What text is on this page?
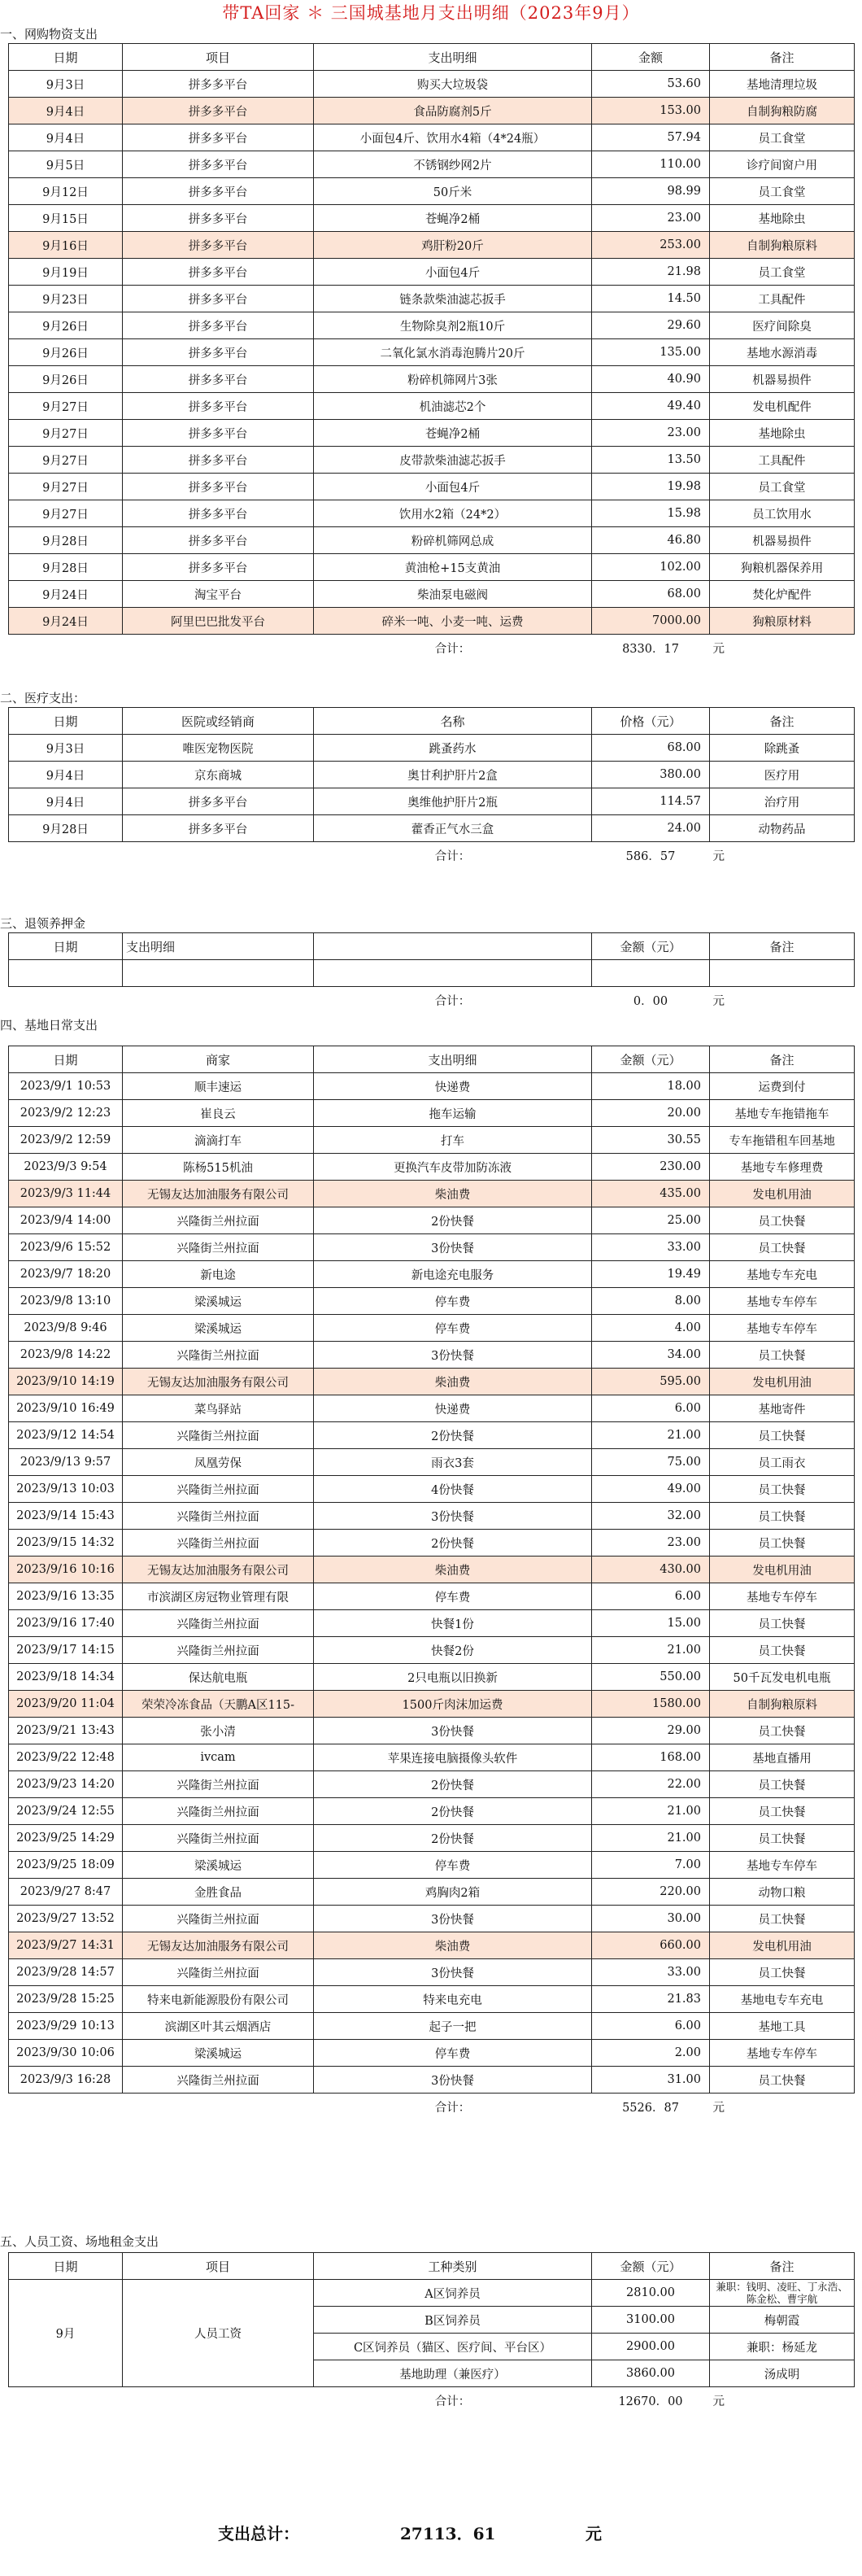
带TA回家 ＊ 三国城基地月支出明细（2023年9月）
一、网购物资支出
日期	项目	支出明细	金额	备注
9月3日	拼多多平台	购买大垃圾袋	53.60	基地清理垃圾
9月4日	拼多多平台	食品防腐剂5斤	153.00	自制狗粮防腐
9月4日	拼多多平台	小面包4斤、饮用水4箱（4*24瓶）	57.94	员工食堂
9月5日	拼多多平台	不锈钢纱网2片	110.00	诊疗间窗户用
9月12日	拼多多平台	50斤米	98.99	员工食堂
9月15日	拼多多平台	苍蝇净2桶	23.00	基地除虫
9月16日	拼多多平台	鸡肝粉20斤	253.00	自制狗粮原料
9月19日	拼多多平台	小面包4斤	21.98	员工食堂
9月23日	拼多多平台	链条款柴油滤芯扳手	14.50	工具配件
9月26日	拼多多平台	生物除臭剂2瓶10斤	29.60	医疗间除臭
9月26日	拼多多平台	二氧化氯水消毒泡腾片20斤	135.00	基地水源消毒
9月26日	拼多多平台	粉碎机筛网片3张	40.90	机器易损件
9月27日	拼多多平台	机油滤芯2个	49.40	发电机配件
9月27日	拼多多平台	苍蝇净2桶	23.00	基地除虫
9月27日	拼多多平台	皮带款柴油滤芯扳手	13.50	工具配件
9月27日	拼多多平台	小面包4斤	19.98	员工食堂
9月27日	拼多多平台	饮用水2箱（24*2）	15.98	员工饮用水
9月28日	拼多多平台	粉碎机筛网总成	46.80	机器易损件
9月28日	拼多多平台	黄油枪+15支黄油	102.00	狗粮机器保养用
9月24日	淘宝平台	柴油泵电磁阀	68.00	焚化炉配件
9月24日	阿里巴巴批发平台	碎米一吨、小麦一吨、运费	7000.00	狗粮原材料
		合计：	8330．17	元
二、医疗支出：
日期	医院或经销商	名称	价格（元）	备注
9月3日	唯医宠物医院	跳蚤药水	68.00	除跳蚤
9月4日	京东商城	奥甘利护肝片2盒	380.00	医疗用
9月4日	拼多多平台	奥维他护肝片2瓶	114.57	治疗用
9月28日	拼多多平台	藿香正气水三盒	24.00	动物药品
		合计：	586．57	元
三、退领养押金
日期	支出明细		金额（元）	备注

		合计：	0．00	元
四、基地日常支出
日期	商家	支出明细	金额（元）	备注
2023/9/1 10:53	顺丰速运	快递费	18.00	运费到付
2023/9/2 12:23	崔良云	拖车运输	20.00	基地专车拖错拖车
2023/9/2 12:59	滴滴打车	打车	30.55	专车拖错租车回基地
2023/9/3 9:54	陈杨515机油	更换汽车皮带加防冻液	230.00	基地专车修理费
2023/9/3 11:44	无锡友达加油服务有限公司	柴油费	435.00	发电机用油
2023/9/4 14:00	兴隆街兰州拉面	2份快餐	25.00	员工快餐
2023/9/6 15:52	兴隆街兰州拉面	3份快餐	33.00	员工快餐
2023/9/7 18:20	新电途	新电途充电服务	19.49	基地专车充电
2023/9/8 13:10	梁溪城运	停车费	8.00	基地专车停车
2023/9/8 9:46	梁溪城运	停车费	4.00	基地专车停车
2023/9/8 14:22	兴隆街兰州拉面	3份快餐	34.00	员工快餐
2023/9/10 14:19	无锡友达加油服务有限公司	柴油费	595.00	发电机用油
2023/9/10 16:49	菜鸟驿站	快递费	6.00	基地寄件
2023/9/12 14:54	兴隆街兰州拉面	2份快餐	21.00	员工快餐
2023/9/13 9:57	凤凰劳保	雨衣3套	75.00	员工雨衣
2023/9/13 10:03	兴隆街兰州拉面	4份快餐	49.00	员工快餐
2023/9/14 15:43	兴隆街兰州拉面	3份快餐	32.00	员工快餐
2023/9/15 14:32	兴隆街兰州拉面	2份快餐	23.00	员工快餐
2023/9/16 10:16	无锡友达加油服务有限公司	柴油费	430.00	发电机用油
2023/9/16 13:35	市滨湖区房冠物业管理有限	停车费	6.00	基地专车停车
2023/9/16 17:40	兴隆街兰州拉面	快餐1份	15.00	员工快餐
2023/9/17 14:15	兴隆街兰州拉面	快餐2份	21.00	员工快餐
2023/9/18 14:34	保达航电瓶	2只电瓶以旧换新	550.00	50千瓦发电机电瓶
2023/9/20 11:04	荣荣冷冻食品（天鹏A区115-	1500斤肉沫加运费	1580.00	自制狗粮原料
2023/9/21 13:43	张小清	3份快餐	29.00	员工快餐
2023/9/22 12:48	ivcam	苹果连接电脑摄像头软件	168.00	基地直播用
2023/9/23 14:20	兴隆街兰州拉面	2份快餐	22.00	员工快餐
2023/9/24 12:55	兴隆街兰州拉面	2份快餐	21.00	员工快餐
2023/9/25 14:29	兴隆街兰州拉面	2份快餐	21.00	员工快餐
2023/9/25 18:09	梁溪城运	停车费	7.00	基地专车停车
2023/9/27 8:47	金胜食品	鸡胸肉2箱	220.00	动物口粮
2023/9/27 13:52	兴隆街兰州拉面	3份快餐	30.00	员工快餐
2023/9/27 14:31	无锡友达加油服务有限公司	柴油费	660.00	发电机用油
2023/9/28 14:57	兴隆街兰州拉面	3份快餐	33.00	员工快餐
2023/9/28 15:25	特来电新能源股份有限公司	特来电充电	21.83	基地电专车充电
2023/9/29 10:13	滨湖区叶其云烟酒店	起子一把	6.00	基地工具
2023/9/30 10:06	梁溪城运	停车费	2.00	基地专车停车
2023/9/3 16:28	兴隆街兰州拉面	3份快餐	31.00	员工快餐
		合计：	5526．87	元
五、人员工资、场地租金支出
日期	项目	工种类别	金额（元）	备注
9月	人员工资	A区饲养员	2810.00	兼职：钱明、凌旺、丁永浩、陈金松、曹宇航
		B区饲养员	3100.00	梅朝霞
		C区饲养员（猫区、医疗间、平台区）	2900.00	兼职：杨延龙
		基地助理（兼医疗）	3860.00	汤成明
		合计：	12670．00	元
支出总计：	27113．61	元
